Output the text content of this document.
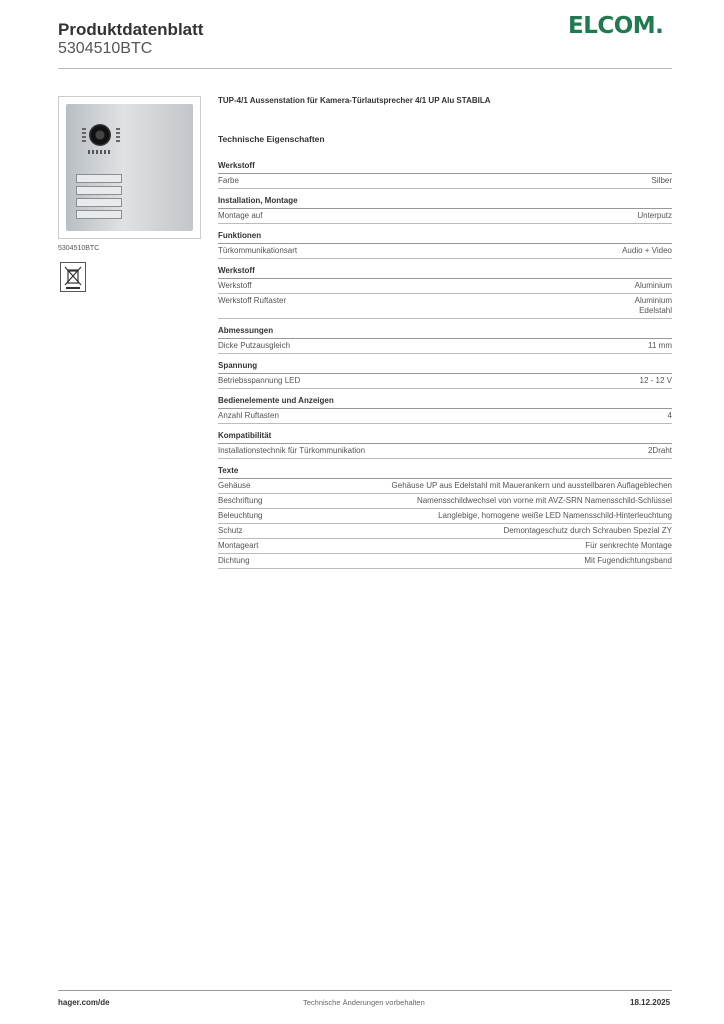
Produktdatenblatt
5304510BTC
ELCOM.
5304510BTC
TUP-4/1 Aussenstation für Kamera-Türlautsprecher 4/1 UP Alu STABILA
Technische Eigenschaften
Werkstoff
Farbe	Silber
Installation, Montage
Montage auf	Unterputz
Funktionen
Türkommunikationsart	Audio + Video
Werkstoff
Werkstoff	Aluminium
Werkstoff Ruftaster	Aluminium Edelstahl
Abmessungen
Dicke Putzausgleich	11 mm
Spannung
Betriebsspannung LED	12 - 12 V
Bedienelemente und Anzeigen
Anzahl Ruftasten	4
Kompatibilität
Installationstechnik für Türkommunikation	2Draht
Texte
Gehäuse	Gehäuse UP aus Edelstahl mit Mauerankern und ausstellbaren Auflageblechen
Beschriftung	Namensschildwechsel von vorne mit AVZ-SRN Namensschild-Schlüssel
Beleuchtung	Langlebige, homogene weiße LED Namensschild-Hinterleuchtung
Schutz	Demontageschutz durch Schrauben Spezial ZY
Montageart	Für senkrechte Montage
Dichtung	Mit Fugendichtungsband
hager.com/de	Technische Änderungen vorbehalten	18.12.2025
